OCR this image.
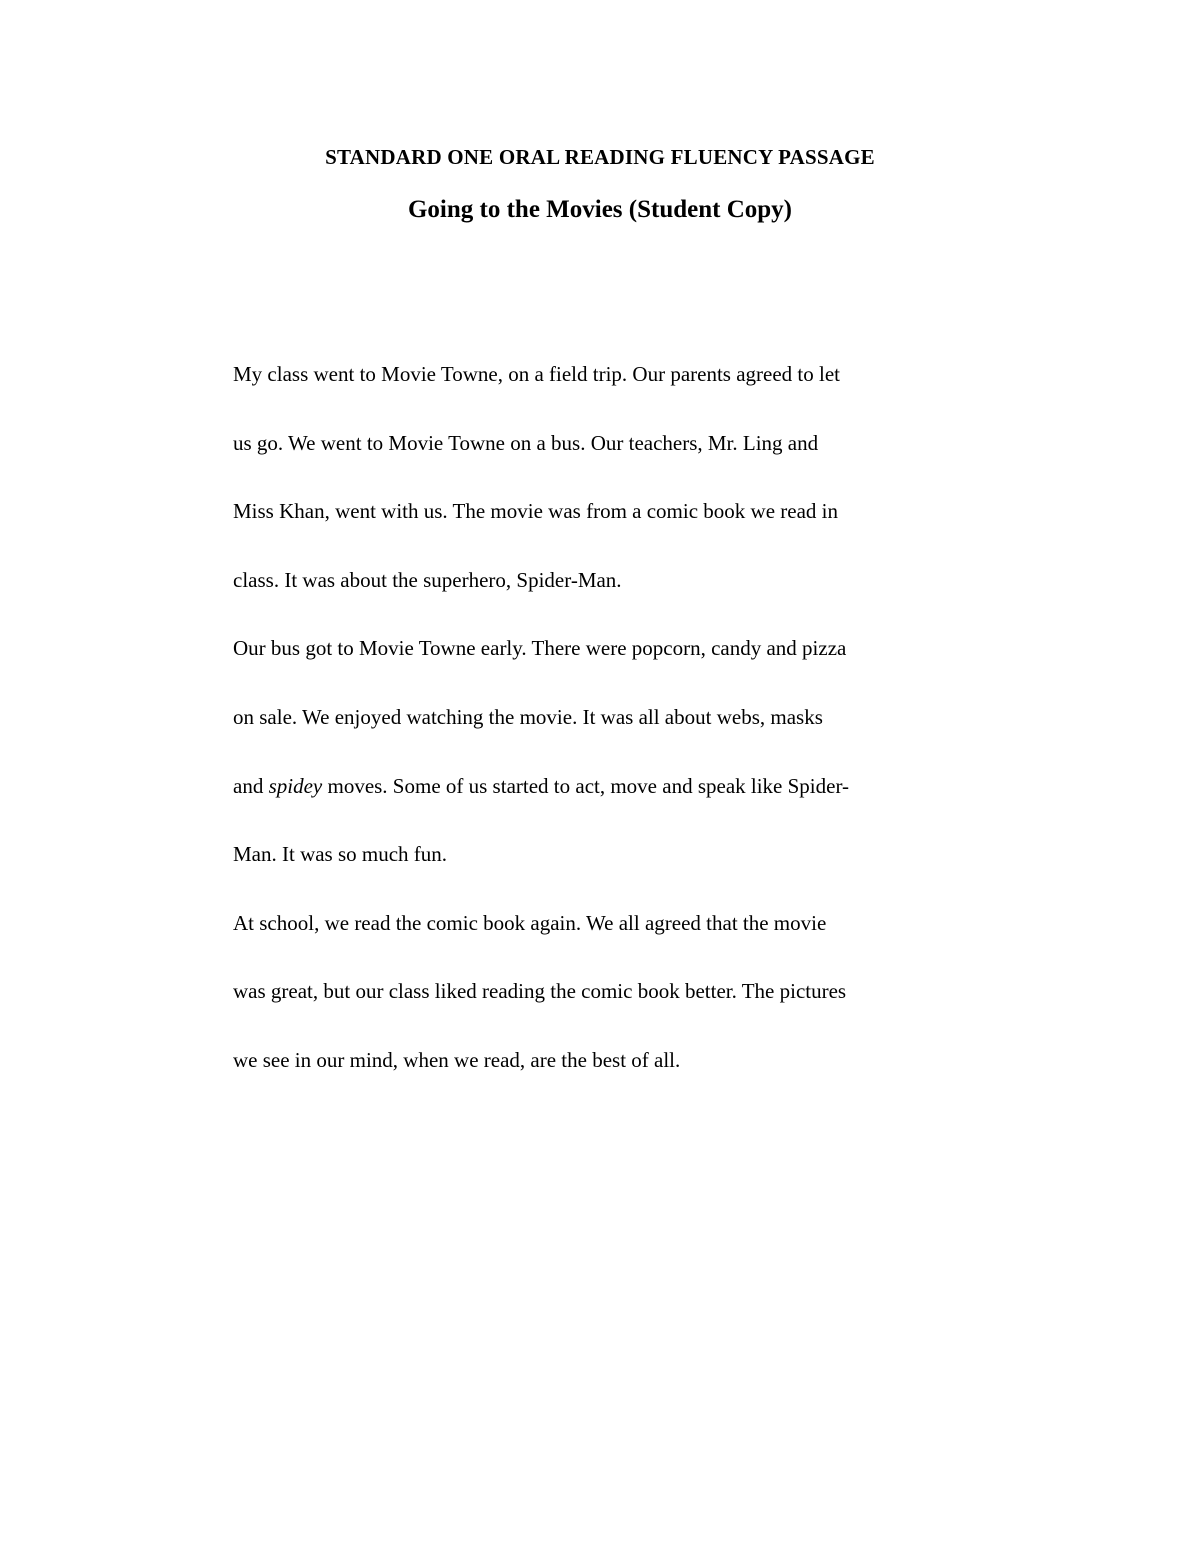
STANDARD ONE ORAL READING FLUENCY PASSAGE
Going to the Movies (Student Copy)
My class went to Movie Towne, on a field trip. Our parents agreed to let
us go. We went to Movie Towne on a bus. Our teachers, Mr. Ling and
Miss Khan, went with us. The movie was from a comic book we read in
class. It was about the superhero, Spider-Man.
Our bus got to Movie Towne early. There were popcorn, candy and pizza
on sale. We enjoyed watching the movie. It was all about webs, masks
and spidey moves. Some of us started to act, move and speak like Spider-
Man. It was so much fun.
At school, we read the comic book again. We all agreed that the movie
was great, but our class liked reading the comic book better. The pictures
we see in our mind, when we read, are the best of all.
